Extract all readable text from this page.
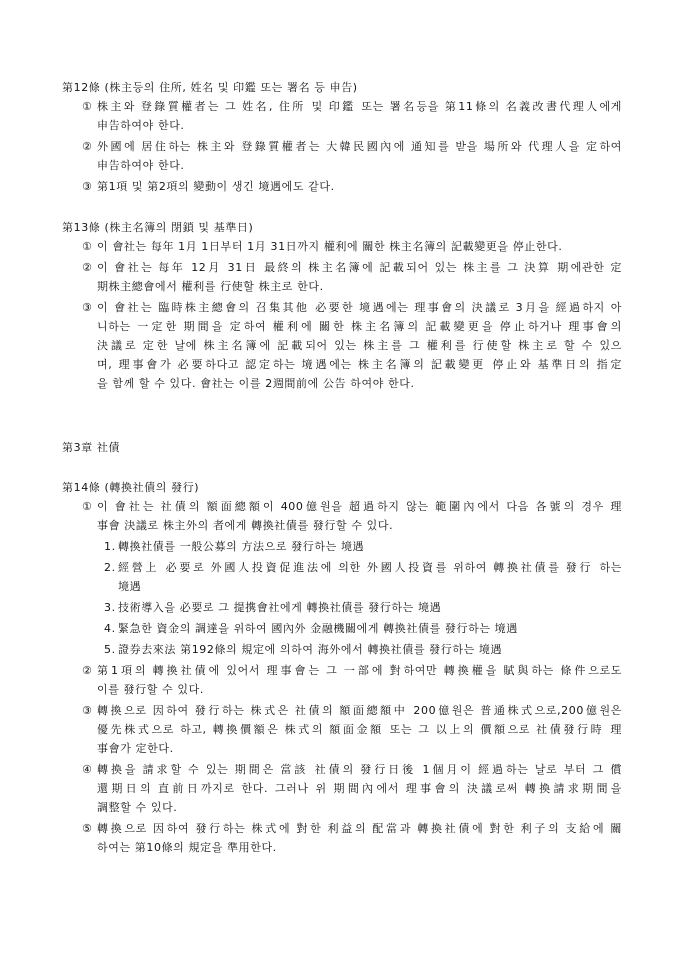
第12條 (株主등의 住所, 姓名 및 印鑑 또는 署名 등 申告)
① 株主와 登錄質權者는 그 姓名, 住所 및 印鑑 또는 署名등을 第11條의 名義改書代理人에게
申告하여야 한다.
② 外國에 居住하는 株主와 登錄質權者는 大韓民國內에 通知를 받을 場所와 代理人을 定하여
申告하여야 한다.
③ 第1項 및 第2項의 變動이 생긴 境遇에도 같다.
第13條 (株主名簿의 閉鎖 및 基準日)
① 이 會社는 每年 1月 1日부터 1月 31日까지 權利에 關한 株主名簿의 記載變更을 停止한다.
② 이 會社는 每年 12月 31日 最終의 株主名簿에 記載되어 있는 株主를 그 決算 期에관한 定
期株主總會에서 權利를 行使할 株主로 한다.
③ 이 會社는 臨時株主總會의 召集其他 必要한 境遇에는 理事會의 決議로 3月을 經過하지 아
니하는 一定한 期間을 定하여 權利에 關한 株主名簿의 記載變更을 停止하거나 理事會의
決議로 定한 날에 株主名簿에 記載되어 있는 株主를 그 權利를 行使할 株主로 할 수 있으
며, 理事會가 必要하다고 認定하는 境遇에는 株主名簿의 記載變更 停止와 基準日의 指定
을 함께 할 수 있다. 會社는 이를 2週間前에 公告 하여야 한다.
第3章 社債
第14條 (轉換社債의 發行)
① 이 會社는 社債의 額面總額이 400億원을 超過하지 않는 範圍內에서 다음 各號의 경우 理
事會 決議로 株主外의 者에게 轉換社債를 發行할 수 있다.
1. 轉換社債를 一般公募의 方法으로 發行하는 境遇
2. 經營上 必要로 外國人投資促進法에 의한 外國人投資를 위하여 轉換社債를 發行 하는
境遇
3. 技術導入을 必要로 그 提携會社에게 轉換社債를 發行하는 境遇
4. 緊急한 資金의 調達을 위하여 國內外 金融機關에게 轉換社債를 發行하는 境遇
5. 證券去來法 第192條의 規定에 의하여 海外에서 轉換社債를 發行하는 境遇
② 第1項의 轉換社債에 있어서 理事會는 그 一部에 對하여만 轉換權을 賦與하는 條件으로도
이를 發行할 수 있다.
③ 轉換으로 因하여 發行하는 株式은 社債의 額面總額中 200億원은 普通株式으로,200億원은
優先株式으로 하고, 轉換價額은 株式의 額面金額 또는 그 以上의 價額으로 社債發行時 理
事會가 定한다.
④ 轉換을 請求할 수 있는 期間은 當該 社債의 發行日後 1個月이 經過하는 날로 부터 그 償
還期日의 直前日까지로 한다. 그러나 위 期間內에서 理事會의 決議로써 轉換請求期間을
調整할 수 있다.
⑤ 轉換으로 因하여 發行하는 株式에 對한 利益의 配當과 轉換社債에 對한 利子의 支給에 關
하여는 第10條의 規定을 準用한다.
